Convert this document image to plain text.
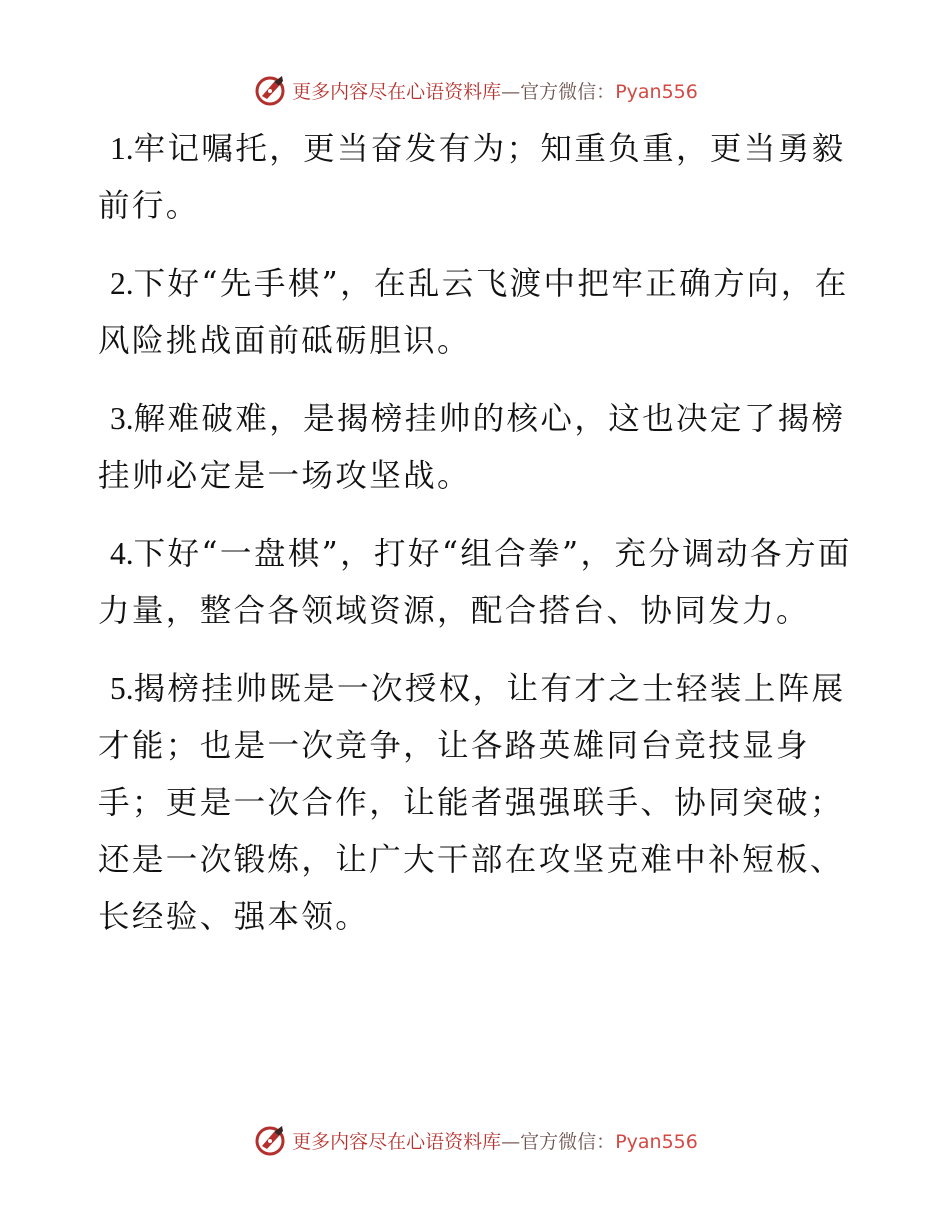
更多内容尽在心语资料库—官方微信：Pyan556

1.牢记嘱托，更当奋发有为；知重负重，更当勇毅前行。

2.下好“先手棋”，在乱云飞渡中把牢正确方向，在风险挑战面前砥砺胆识。

3.解难破难，是揭榜挂帅的核心，这也决定了揭榜挂帅必定是一场攻坚战。

4.下好“一盘棋”，打好“组合拳”，充分调动各方面力量，整合各领域资源，配合搭台、协同发力。

5.揭榜挂帅既是一次授权，让有才之士轻装上阵展才能；也是一次竞争，让各路英雄同台竞技显身手；更是一次合作，让能者强强联手、协同突破；还是一次锻炼，让广大干部在攻坚克难中补短板、长经验、强本领。

更多内容尽在心语资料库—官方微信：Pyan556
